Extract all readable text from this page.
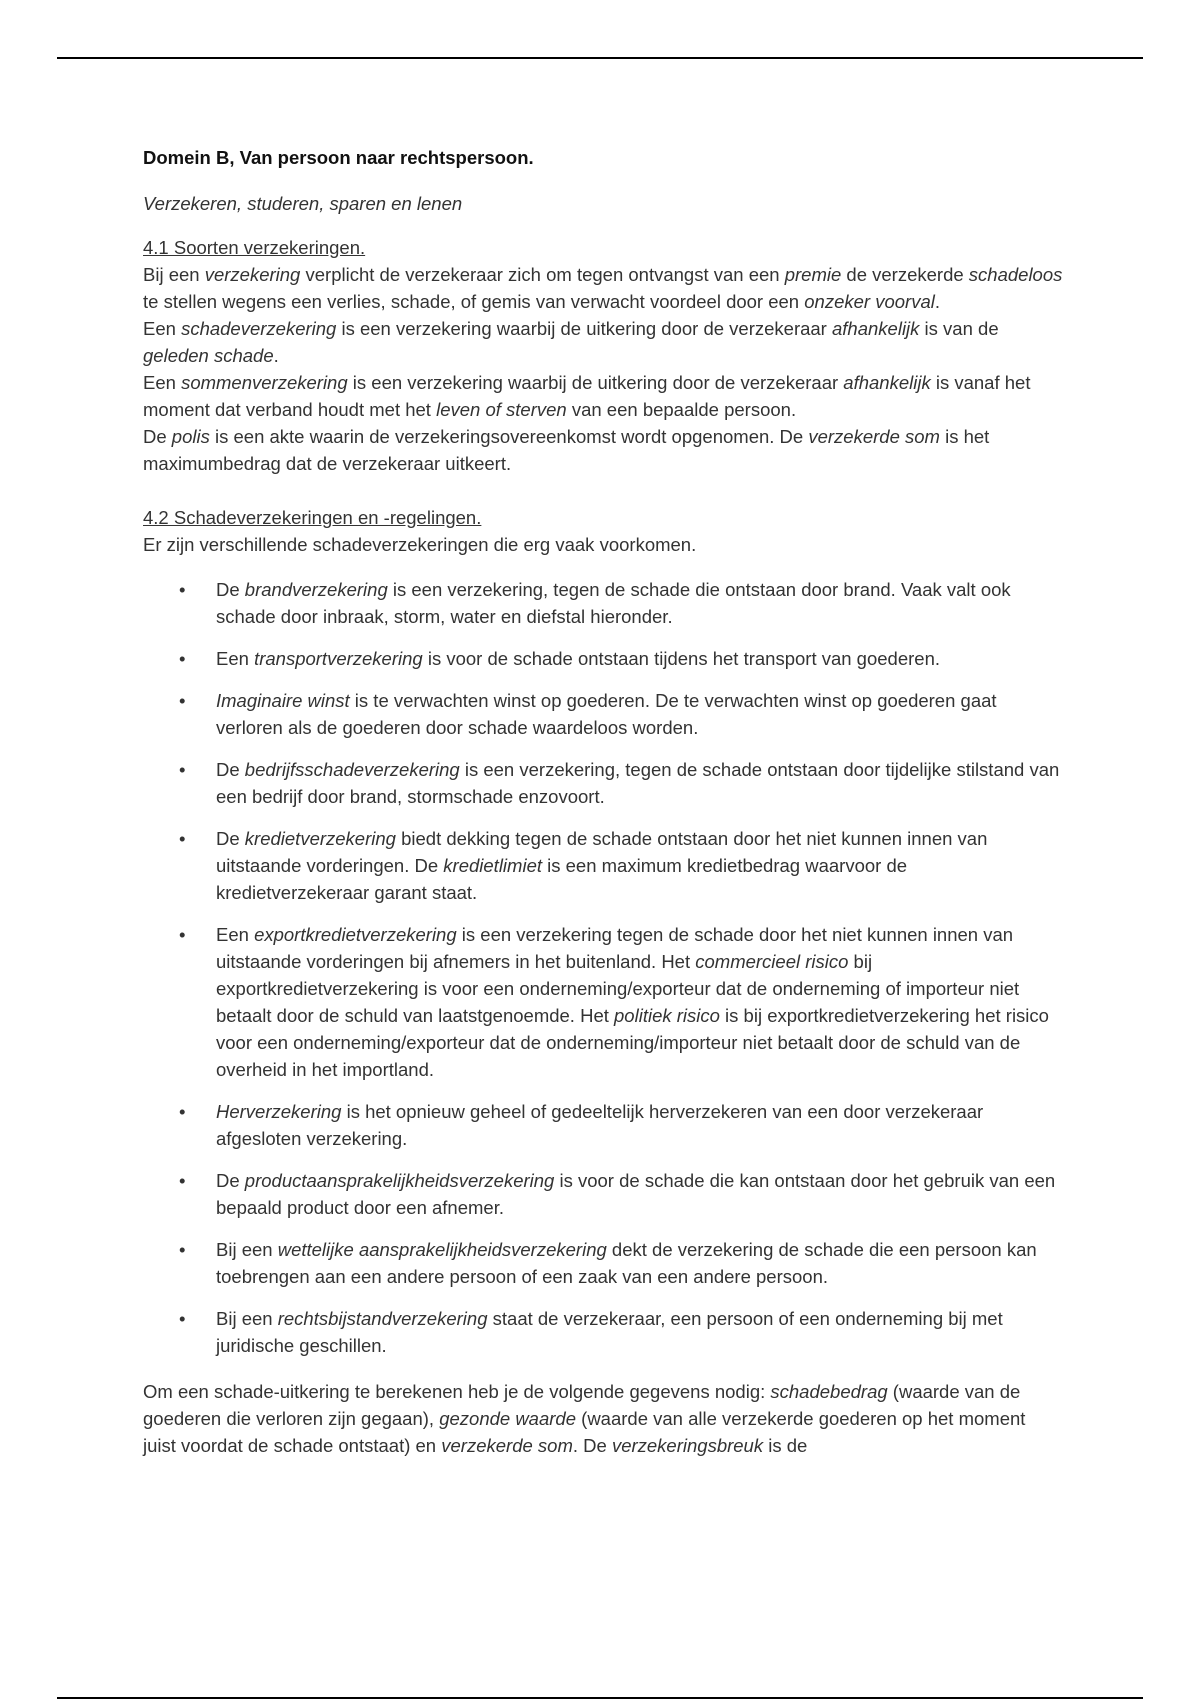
Domein B, Van persoon naar rechtspersoon.

Verzekeren, studeren, sparen en lenen

4.1 Soorten verzekeringen.

Bij een verzekering verplicht de verzekeraar zich om tegen ontvangst van een premie de verzekerde schadeloos te stellen wegens een verlies, schade, of gemis van verwacht voordeel door een onzeker voorval.

Een schadeverzekering is een verzekering waarbij de uitkering door de verzekeraar afhankelijk is van de geleden schade.

Een sommenverzekering is een verzekering waarbij de uitkering door de verzekeraar afhankelijk is vanaf het moment dat verband houdt met het leven of sterven van een bepaalde persoon.

De polis is een akte waarin de verzekeringsovereenkomst wordt opgenomen. De verzekerde som is het maximumbedrag dat de verzekeraar uitkeert.

4.2 Schadeverzekeringen en -regelingen.

Er zijn verschillende schadeverzekeringen die erg vaak voorkomen.

• De brandverzekering is een verzekering, tegen de schade die ontstaan door brand. Vaak valt ook schade door inbraak, storm, water en diefstal hieronder.
• Een transportverzekering is voor de schade ontstaan tijdens het transport van goederen.
• Imaginaire winst is te verwachten winst op goederen. De te verwachten winst op goederen gaat verloren als de goederen door schade waardeloos worden.
• De bedrijfsschadeverzekering is een verzekering, tegen de schade ontstaan door tijdelijke stilstand van een bedrijf door brand, stormschade enzovoort.
• De kredietverzekering biedt dekking tegen de schade ontstaan door het niet kunnen innen van uitstaande vorderingen. De kredietlimiet is een maximum kredietbedrag waarvoor de kredietverzekeraar garant staat.
• Een exportkredietverzekering is een verzekering tegen de schade door het niet kunnen innen van uitstaande vorderingen bij afnemers in het buitenland. Het commercieel risico bij exportkredietverzekering is voor een onderneming/exporteur dat de onderneming of importeur niet betaalt door de schuld van laatstgenoemde. Het politiek risico is bij exportkredietverzekering het risico voor een onderneming/exporteur dat de onderneming/importeur niet betaalt door de schuld van de overheid in het importland.
• Herverzekering is het opnieuw geheel of gedeeltelijk herverzekeren van een door verzekeraar afgesloten verzekering.
• De productaansprakelijkheidsverzekering is voor de schade die kan ontstaan door het gebruik van een bepaald product door een afnemer.
• Bij een wettelijke aansprakelijkheidsverzekering dekt de verzekering de schade die een persoon kan toebrengen aan een andere persoon of een zaak van een andere persoon.
• Bij een rechtsbijstandverzekering staat de verzekeraar, een persoon of een onderneming bij met juridische geschillen.

Om een schade-uitkering te berekenen heb je de volgende gegevens nodig: schadebedrag (waarde van de goederen die verloren zijn gegaan), gezonde waarde (waarde van alle verzekerde goederen op het moment juist voordat de schade ontstaat) en verzekerde som. De verzekeringsbreuk is de
